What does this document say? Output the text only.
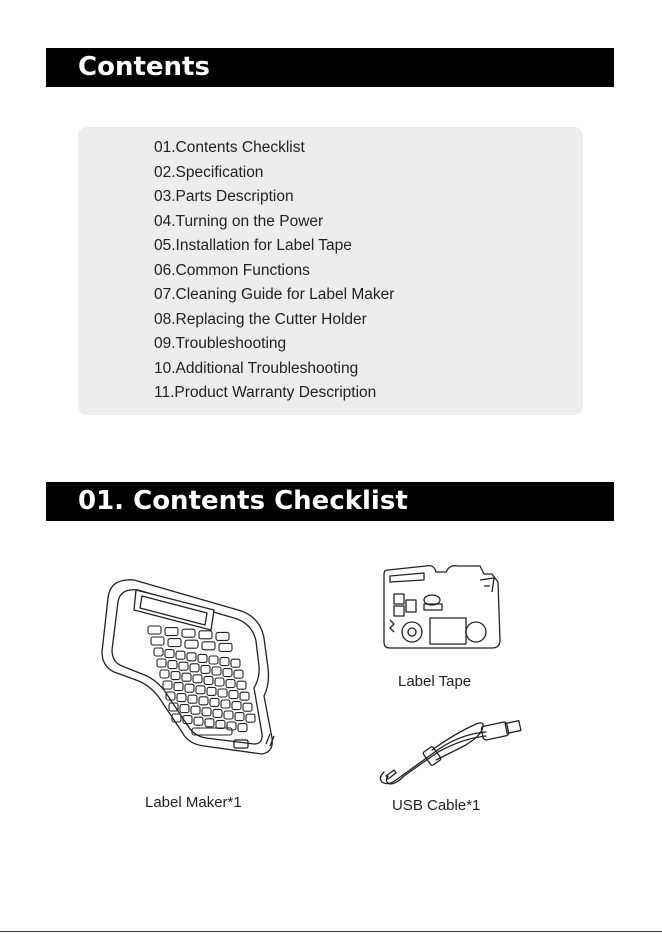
Contents
01.Contents Checklist
02.Specification
03.Parts Description
04.Turning on the Power
05.Installation for Label Tape
06.Common Functions
07.Cleaning Guide for Label Maker
08.Replacing the Cutter Holder
09.Troubleshooting
10.Additional Troubleshooting
11.Product Warranty Description
01. Contents Checklist
Label Maker*1
Label Tape
USB Cable*1
